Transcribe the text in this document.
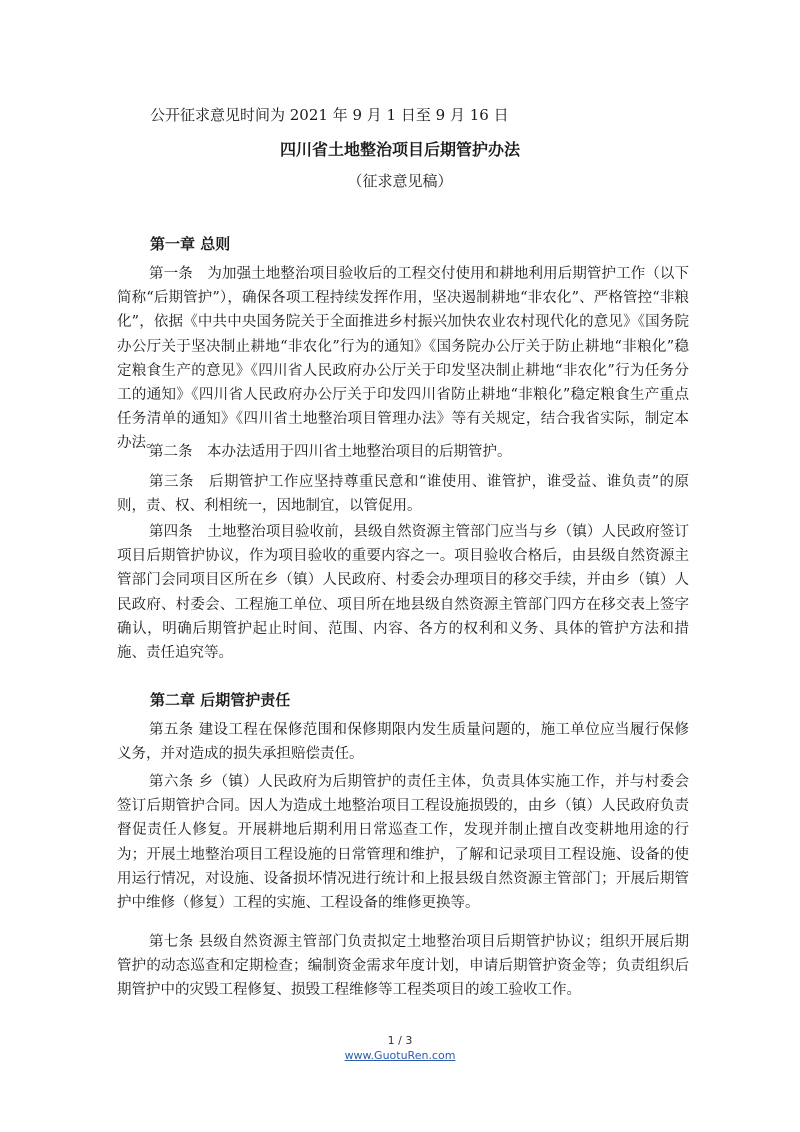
公开征求意见时间为 2021 年 9 月 1 日至 9 月 16 日
四川省土地整治项目后期管护办法
（征求意见稿）
第一章 总则

第一条　为加强土地整治项目验收后的工程交付使用和耕地利用后期管护工作（以下简称“后期管护”），确保各项工程持续发挥作用，坚决遏制耕地“非农化”、严格管控“非粮化”，依据《中共中央国务院关于全面推进乡村振兴加快农业农村现代化的意见》《国务院办公厅关于坚决制止耕地“非农化”行为的通知》《国务院办公厅关于防止耕地“非粮化”稳定粮食生产的意见》《四川省人民政府办公厅关于印发坚决制止耕地“非农化”行为任务分工的通知》《四川省人民政府办公厅关于印发四川省防止耕地“非粮化”稳定粮食生产重点任务清单的通知》《四川省土地整治项目管理办法》等有关规定，结合我省实际，制定本办法。

第二条　本办法适用于四川省土地整治项目的后期管护。

第三条　后期管护工作应坚持尊重民意和“谁使用、谁管护，谁受益、谁负责”的原则，责、权、利相统一，因地制宜，以管促用。

第四条　土地整治项目验收前，县级自然资源主管部门应当与乡（镇）人民政府签订项目后期管护协议，作为项目验收的重要内容之一。项目验收合格后，由县级自然资源主管部门会同项目区所在乡（镇）人民政府、村委会办理项目的移交手续，并由乡（镇）人民政府、村委会、工程施工单位、项目所在地县级自然资源主管部门四方在移交表上签字确认，明确后期管护起止时间、范围、内容、各方的权利和义务、具体的管护方法和措施、责任追究等。

第二章 后期管护责任

第五条 建设工程在保修范围和保修期限内发生质量问题的，施工单位应当履行保修义务，并对造成的损失承担赔偿责任。

第六条 乡（镇）人民政府为后期管护的责任主体，负责具体实施工作，并与村委会签订后期管护合同。因人为造成土地整治项目工程设施损毁的，由乡（镇）人民政府负责督促责任人修复。开展耕地后期利用日常巡查工作，发现并制止擅自改变耕地用途的行为；开展土地整治项目工程设施的日常管理和维护，了解和记录项目工程设施、设备的使用运行情况，对设施、设备损坏情况进行统计和上报县级自然资源主管部门；开展后期管护中维修（修复）工程的实施、工程设备的维修更换等。

第七条 县级自然资源主管部门负责拟定土地整治项目后期管护协议；组织开展后期管护的动态巡查和定期检查；编制资金需求年度计划，申请后期管护资金等；负责组织后期管护中的灾毁工程修复、损毁工程维修等工程类项目的竣工验收工作。

1 / 3
www.GuotuRen.com
